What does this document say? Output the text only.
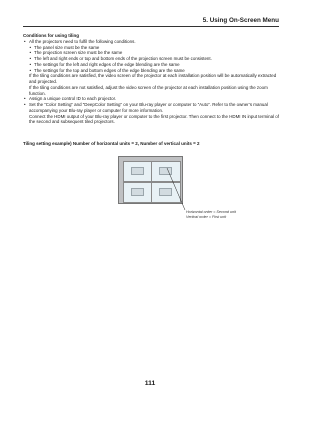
5. Using On-Screen Menu

Conditions for using tiling

• All the projectors need to fulfil the following conditions.

• The panel size must be the same

• The projection screen size must be the same

• The left and right ends or top and bottom ends of the projection screen must be consistent.

• The settings for the left and right edges of the edge blending are the same

• The settings for the top and bottom edges of the edge blending are the same

If the tiling conditions are satisfied, the video screen of the projector at each installation position will be automatically extracted and projected.

If the tiling conditions are not satisfied, adjust the video screen of the projector at each installation position using the zoom function.

• Assign a unique control ID to each projector.

• Set the “Color Setting” and “DeepColor Setting” on your Blu-ray player or computer to “Auto”. Refer to the owner’s manual accompanying your Blu-ray player or computer for more information.

Connect the HDMI output of your Blu-ray player or computer to the first projector. Then connect to the HDMI IN input terminal of the second and subsequent tiled projectors.

Tiling setting example) Number of horizontal units = 2, Number of vertical units = 2
Horizontal order = Second unit
Vertical order = First unit
111
